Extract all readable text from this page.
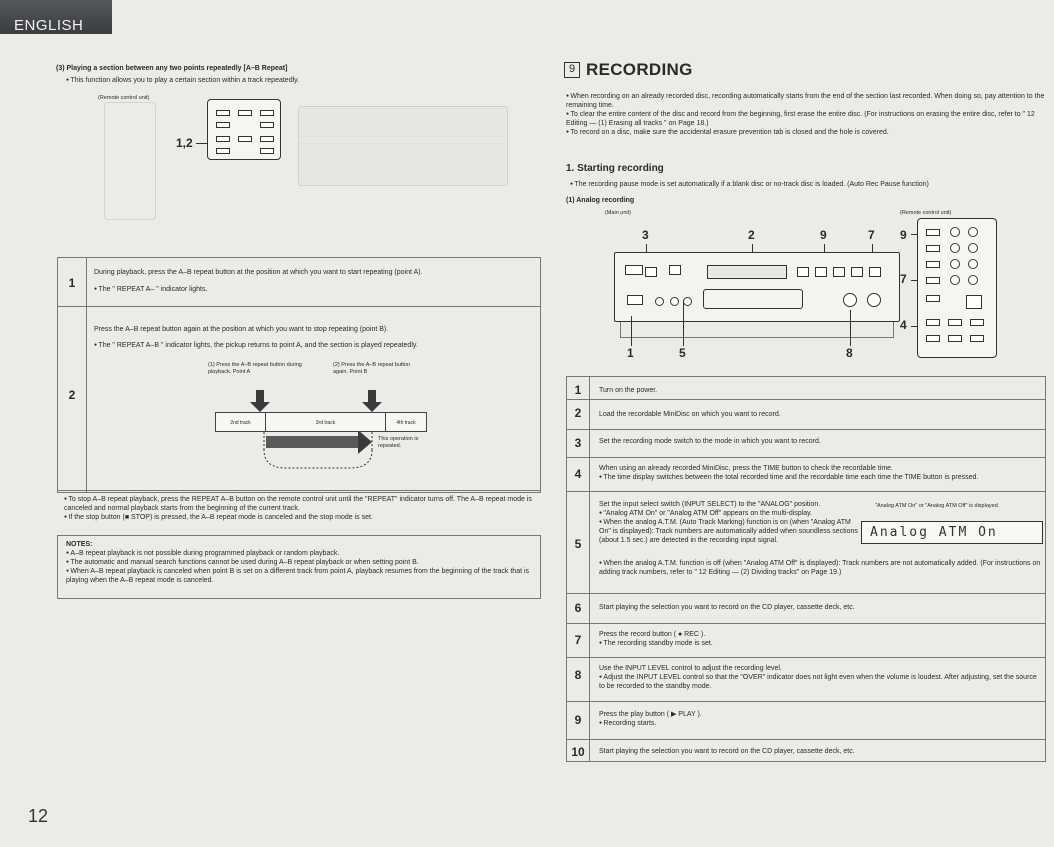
ENGLISH
(3) Playing a section between any two points repeatedly [A–B Repeat]
● This function allows you to play a certain section within a track repeatedly.
(Remote control unit)
1,2
1
During playback, press the A–B repeat button at the position at which you want to start repeating (point A).
● The " REPEAT A– " indicator lights.
2
Press the A–B repeat button again at the position at which you want to stop repeating (point B).
● The " REPEAT A–B " indicator lights, the pickup returns to point A, and the section is played repeatedly.
(1) Press the A–B repeat button during playback. Point A
(2) Press the A–B repeat button again. Point B
2nd track	3rd track	4th track
This operation is repeated.
● To stop A–B repeat playback, press the REPEAT A–B button on the remote control unit until the "REPEAT" indicator turns off. The A–B repeat mode is canceled and normal playback starts from the beginning of the current track.
● If the stop button (■ STOP) is pressed, the A–B repeat mode is canceled and the stop mode is set.
NOTES:
● A–B repeat playback is not possible during programmed playback or random playback.
● The automatic and manual search functions cannot be used during A–B repeat playback or when setting point B.
● When A–B repeat playback is canceled when point B is set on a different track from point A, playback resumes from the beginning of the track that is playing when the A–B repeat mode is canceled.
12
9 RECORDING
● When recording on an already recorded disc, recording automatically starts from the end of the section last recorded. When doing so, pay attention to the remaining time.
● To clear the entire content of the disc and record from the beginning, first erase the entire disc. (For instructions on erasing the entire disc, refer to " 12 Editing — (1) Erasing all tracks " on Page 18.)
● To record on a disc, make sure the accidental erasure prevention tab is closed and the hole is covered.
1. Starting recording
● The recording pause mode is set automatically if a blank disc or no-track disc is loaded. (Auto Rec Pause function)
(1) Analog recording
(Main unit)	(Remote control unit)
3	2	9	7 9
1	5	8
7
4
1	Turn on the power.
2	Load the recordable MiniDisc on which you want to record.
3	Set the recording mode switch to the mode in which you want to record.
4	When using an already recorded MiniDisc, press the TIME button to check the recordable time.
● The time display switches between the total recorded time and the recordable time each time the TIME button is pressed.
5
Set the input select switch (INPUT SELECT) to the "ANALOG" position.
● "Analog ATM On" or "Analog ATM Off" appears on the multi-display.
● When the analog A.T.M. (Auto Track Marking) function is on (when "Analog ATM On" is displayed): Track numbers are automatically added when soundless sections (about 1.5 sec.) are detected in the recording input signal.
● When the analog A.T.M. function is off (when "Analog ATM Off" is displayed): Track numbers are not automatically added. (For instructions on adding track numbers, refer to " 12 Editing — (2) Dividing tracks" on Page 19.)
"Analog ATM On" or "Analog ATM Off" is displayed.
6	Start playing the selection you want to record on the CD player, cassette deck, etc.
7	Press the record button ( ● REC ).
● The recording standby mode is set.
8	Use the INPUT LEVEL control to adjust the recording level.
● Adjust the INPUT LEVEL control so that the "OVER" indicator does not light even when the volume is loudest. After adjusting, set the source to be recorded to the standby mode.
9	Press the play button ( ▶ PLAY ).
● Recording starts.
10	Start playing the selection you want to record on the CD player, cassette deck, etc.
Analog ATM On
